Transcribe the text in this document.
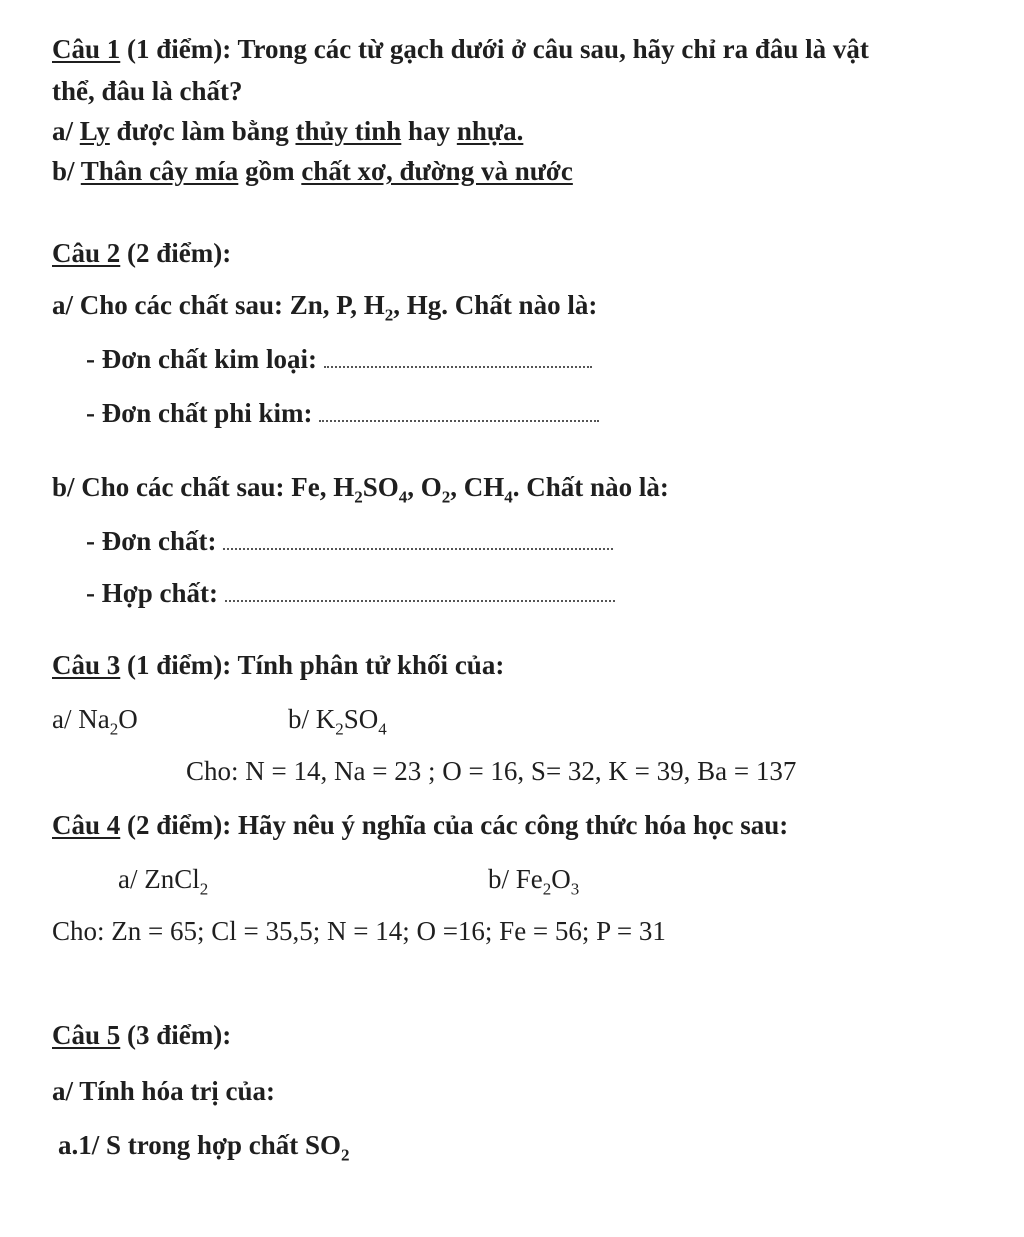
Câu 1 (1 điểm): Trong các từ gạch dưới ở câu sau, hãy chỉ ra đâu là vật
thể, đâu là chất?
a/ Ly được làm bằng thủy tinh hay nhựa.
b/ Thân cây mía gồm chất xơ, đường và nước
Câu 2 (2 điểm):
a/ Cho các chất sau: Zn, P, $H_2$, Hg. Chất nào là:
- Đơn chất kim loại:
- Đơn chất phi kim:
b/ Cho các chất sau: Fe, $H_2SO_4$, $O_2$, $CH_4$. Chất nào là:
- Đơn chất:
- Hợp chất:
Câu 3 (1 điểm): Tính phân tử khối của:
a/ $Na_2O$	b/ $K_2SO_4$
Cho: N = 14, Na = 23 ; O = 16, S= 32, K = 39, Ba = 137
Câu 4 (2 điểm): Hãy nêu ý nghĩa của các công thức hóa học sau:
a/ ZnCl$_2$	b/ $Fe_2O_3$
Cho: Zn = 65; Cl = 35,5; N = 14; O =16; Fe = 56; P = 31
Câu 5 (3 điểm):
a/ Tính hóa trị của:
a.1/ S trong hợp chất $SO_2$
